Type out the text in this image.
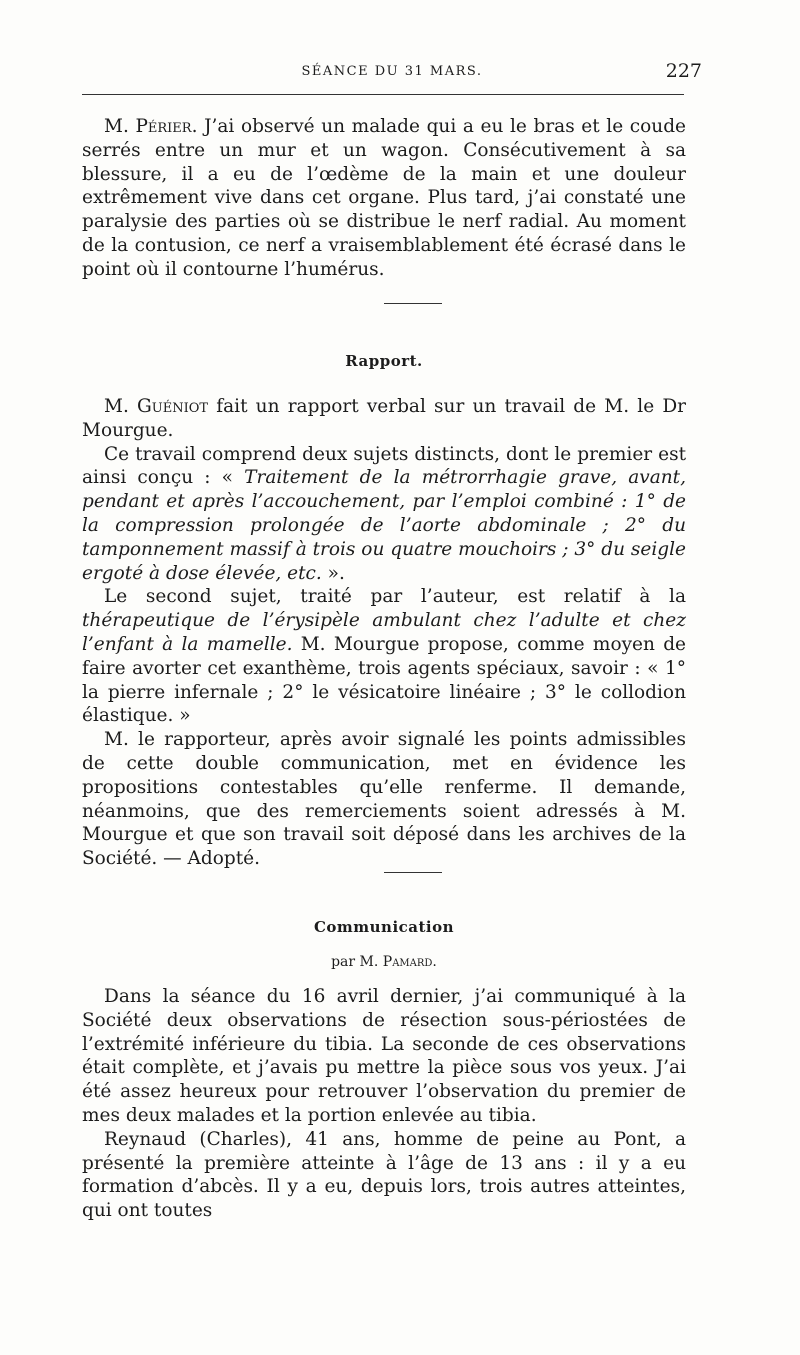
SÉANCE DU 31 MARS.	227

M. Périer. J’ai observé un malade qui a eu le bras et le coude serrés entre un mur et un wagon. Consécutivement à sa blessure, il a eu de l’œdème de la main et une douleur extrêmement vive dans cet organe. Plus tard, j’ai constaté une paralysie des parties où se distribue le nerf radial. Au moment de la contusion, ce nerf a vraisemblablement été écrasé dans le point où il contourne l’humérus.

Rapport.

M. Guéniot fait un rapport verbal sur un travail de M. le Dr Mourgue.

Ce travail comprend deux sujets distincts, dont le premier est ainsi conçu : « Traitement de la métrorrhagie grave, avant, pendant et après l’accouchement, par l’emploi combiné : 1° de la compression prolongée de l’aorte abdominale ; 2° du tamponnement massif à trois ou quatre mouchoirs ; 3° du seigle ergoté à dose élevée, etc. ».

Le second sujet, traité par l’auteur, est relatif à la thérapeutique de l’érysipèle ambulant chez l’adulte et chez l’enfant à la mamelle. M. Mourgue propose, comme moyen de faire avorter cet exanthème, trois agents spéciaux, savoir : « 1° la pierre infernale ; 2° le vésicatoire linéaire ; 3° le collodion élastique. »

M. le rapporteur, après avoir signalé les points admissibles de cette double communication, met en évidence les propositions contestables qu’elle renferme. Il demande, néanmoins, que des remerciements soient adressés à M. Mourgue et que son travail soit déposé dans les archives de la Société. — Adopté.

Communication
par M. Pamard.

Dans la séance du 16 avril dernier, j’ai communiqué à la Société deux observations de résection sous-périostées de l’extrémité inférieure du tibia. La seconde de ces observations était complète, et j’avais pu mettre la pièce sous vos yeux. J’ai été assez heureux pour retrouver l’observation du premier de mes deux malades et la portion enlevée au tibia.

Reynaud (Charles), 41 ans, homme de peine au Pont, a présenté la première atteinte à l’âge de 13 ans : il y a eu formation d’abcès. Il y a eu, depuis lors, trois autres atteintes, qui ont toutes
